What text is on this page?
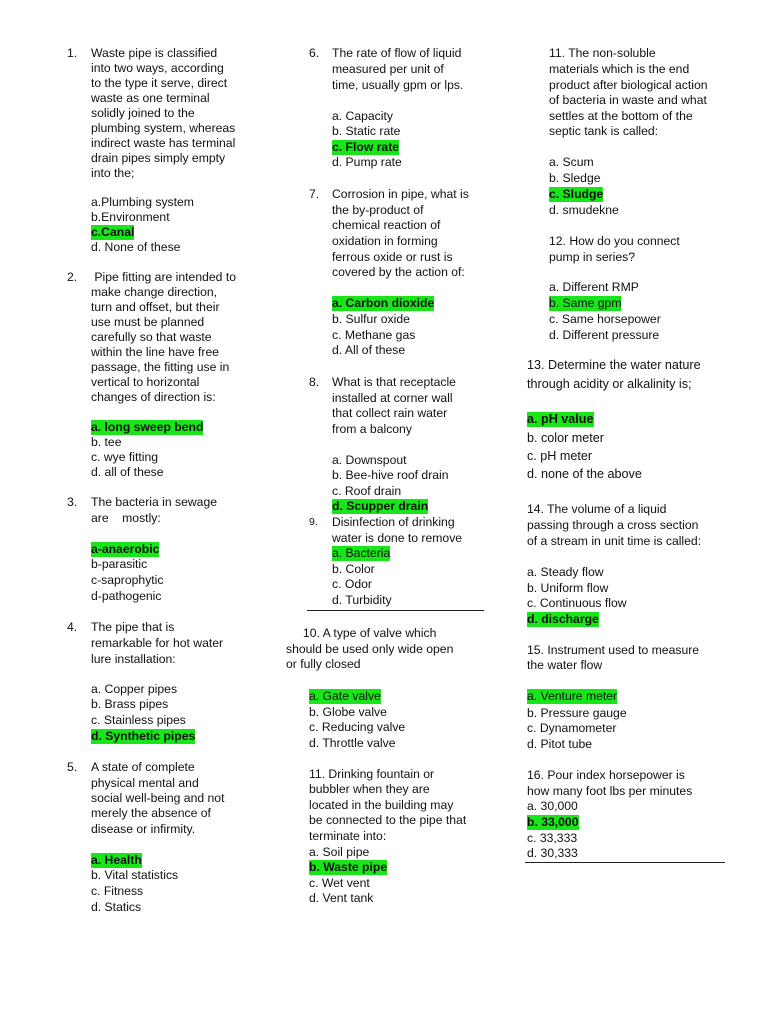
1. Waste pipe is classified
into two ways, according
to the type it serve, direct
waste as one terminal
solidly joined to the
plumbing system, whereas
indirect waste has terminal
drain pipes simply empty
into the;
a.Plumbing system
b.Environment
c.Canal
d. None of these
2. Pipe fitting are intended to
make change direction,
turn and offset, but their
use must be planned
carefully so that waste
within the line have free
passage, the fitting use in
vertical to horizontal
changes of direction is:
a. long sweep bend
b. tee
c. wye fitting
d. all of these
3. The bacteria in sewage
are    mostly:
a-anaerobic
b-parasitic
c-saprophytic
d-pathogenic
4. The pipe that is
remarkable for hot water
lure installation:
a. Copper pipes
b. Brass pipes
c. Stainless pipes
d. Synthetic pipes
5. A state of complete
physical mental and
social well-being and not
merely the absence of
disease or infirmity.
a. Health
b. Vital statistics
c. Fitness
d. Statics
6. The rate of flow of liquid
measured per unit of
time, usually gpm or lps.
a. Capacity
b. Static rate
c. Flow rate
d. Pump rate
7. Corrosion in pipe, what is
the by-product of
chemical reaction of
oxidation in forming
ferrous oxide or rust is
covered by the action of:
a. Carbon dioxide
b. Sulfur oxide
c. Methane gas
d. All of these
8. What is that receptacle
installed at corner wall
that collect rain water
from a balcony
a. Downspout
b. Bee-hive roof drain
c. Roof drain
d. Scupper drain
9. Disinfection of drinking
water is done to remove
a. Bacteria
b. Color
c. Odor
d. Turbidity
10. A type of valve which
should be used only wide open
or fully closed
a. Gate valve
b. Globe valve
c. Reducing valve
d. Throttle valve
11. Drinking fountain or
bubbler when they are
located in the building may
be connected to the pipe that
terminate into:
a. Soil pipe
b. Waste pipe
c. Wet vent
d. Vent tank
11. The non-soluble
materials which is the end
product after biological action
of bacteria in waste and what
settles at the bottom of the
septic tank is called:
a. Scum
b. Sledge
c. Sludge
d. smudekne
12. How do you connect
pump in series?
a. Different RMP
b. Same gpm
c. Same horsepower
d. Different pressure
13. Determine the water nature
through acidity or alkalinity is;
a. pH value
b. color meter
c. pH meter
d. none of the above
14. The volume of a liquid
passing through a cross section
of a stream in unit time is called:
a. Steady flow
b. Uniform flow
c. Continuous flow
d. discharge
15. Instrument used to measure
the water flow
a. Venture meter
b. Pressure gauge
c. Dynamometer
d. Pitot tube
16. Pour index horsepower is
how many foot lbs per minutes
a. 30,000
b. 33,000
c. 33,333
d. 30,333
